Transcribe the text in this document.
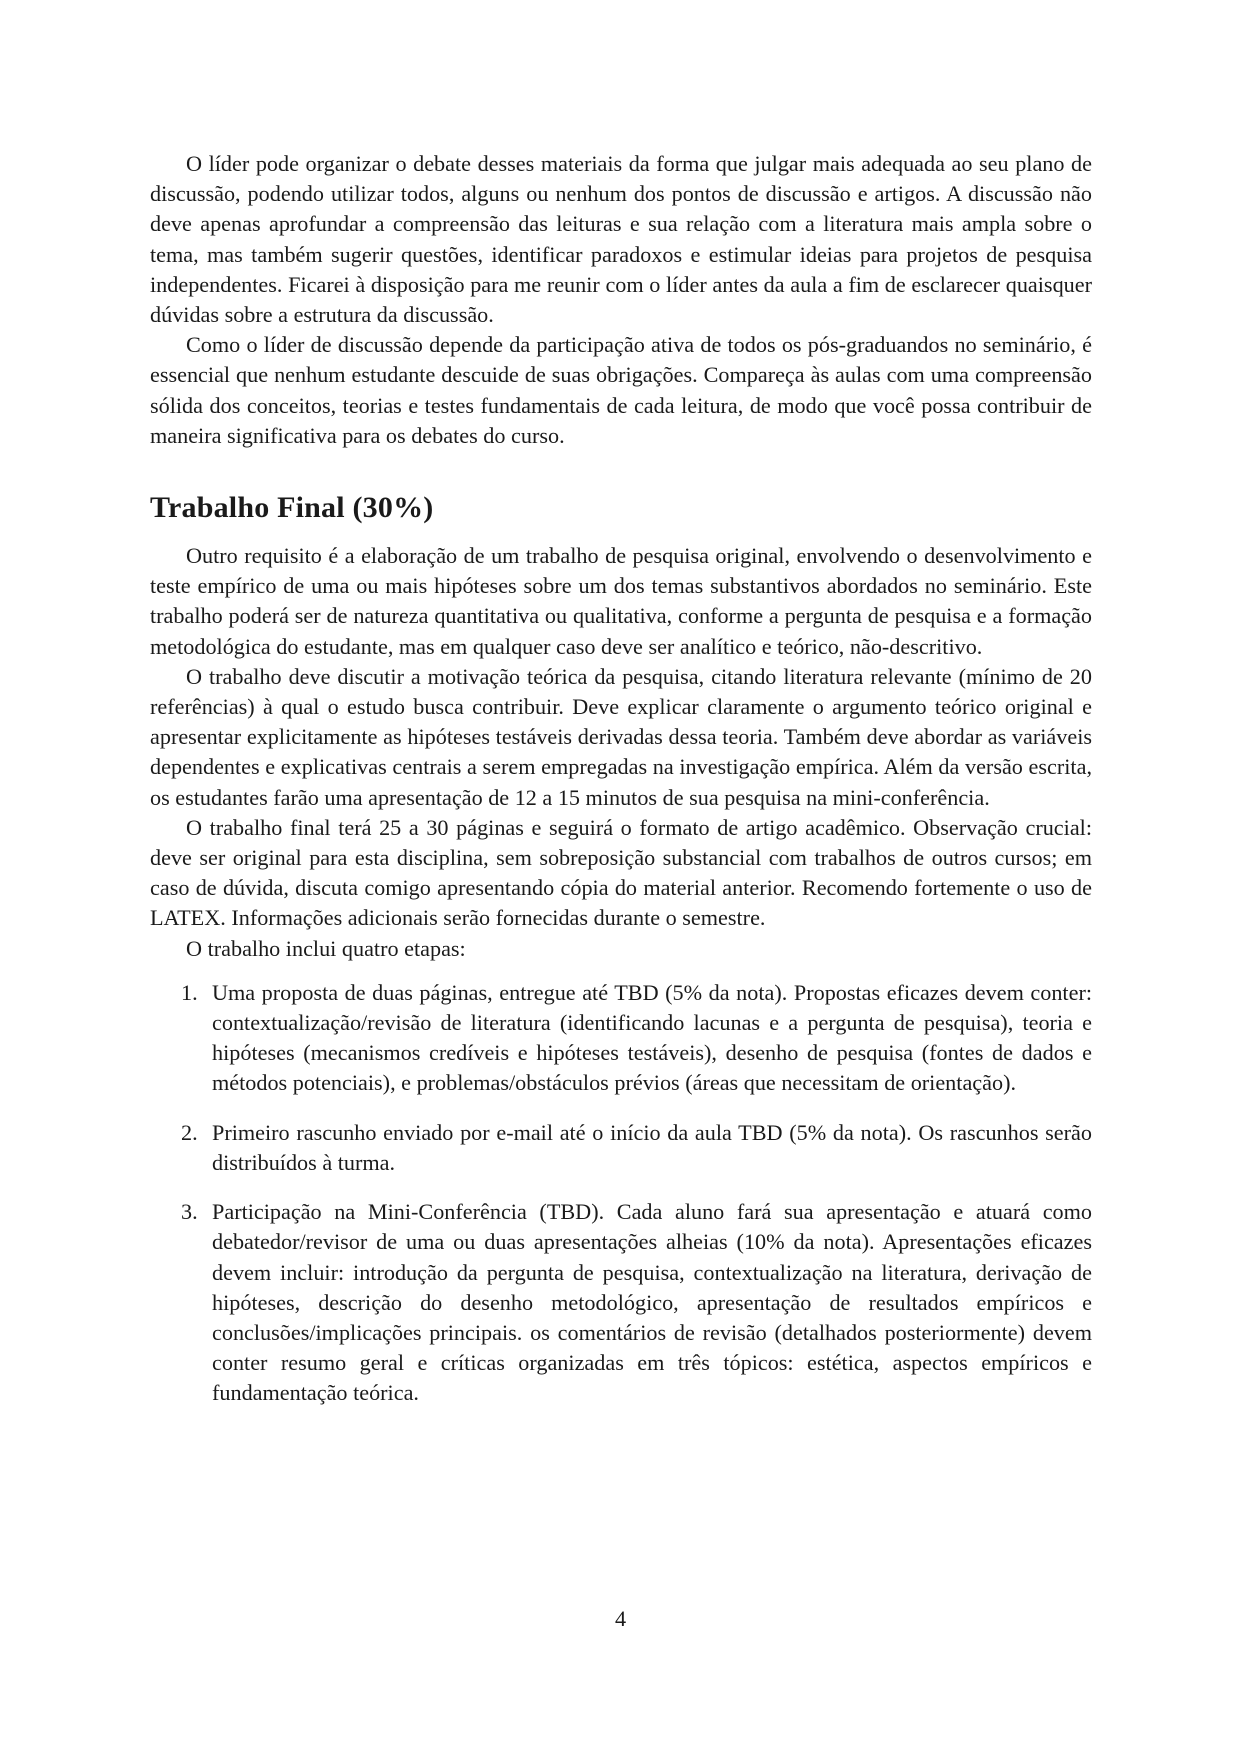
O líder pode organizar o debate desses materiais da forma que julgar mais adequada ao seu plano de discussão, podendo utilizar todos, alguns ou nenhum dos pontos de discussão e artigos. A discussão não deve apenas aprofundar a compreensão das leituras e sua relação com a literatura mais ampla sobre o tema, mas também sugerir questões, identificar paradoxos e estimular ideias para projetos de pesquisa independentes. Ficarei à disposição para me reunir com o líder antes da aula a fim de esclarecer quaisquer dúvidas sobre a estrutura da discussão.

Como o líder de discussão depende da participação ativa de todos os pós-graduandos no seminário, é essencial que nenhum estudante descuide de suas obrigações. Compareça às aulas com uma compreensão sólida dos conceitos, teorias e testes fundamentais de cada leitura, de modo que você possa contribuir de maneira significativa para os debates do curso.

Trabalho Final (30%)

Outro requisito é a elaboração de um trabalho de pesquisa original, envolvendo o desenvolvimento e teste empírico de uma ou mais hipóteses sobre um dos temas substantivos abordados no seminário. Este trabalho poderá ser de natureza quantitativa ou qualitativa, conforme a pergunta de pesquisa e a formação metodológica do estudante, mas em qualquer caso deve ser analítico e teórico, não-descritivo.

O trabalho deve discutir a motivação teórica da pesquisa, citando literatura relevante (mínimo de 20 referências) à qual o estudo busca contribuir. Deve explicar claramente o argumento teórico original e apresentar explicitamente as hipóteses testáveis derivadas dessa teoria. Também deve abordar as variáveis dependentes e explicativas centrais a serem empregadas na investigação empírica. Além da versão escrita, os estudantes farão uma apresentação de 12 a 15 minutos de sua pesquisa na mini-conferência.

O trabalho final terá 25 a 30 páginas e seguirá o formato de artigo acadêmico. Observação crucial: deve ser original para esta disciplina, sem sobreposição substancial com trabalhos de outros cursos; em caso de dúvida, discuta comigo apresentando cópia do material anterior. Recomendo fortemente o uso de LATEX. Informações adicionais serão fornecidas durante o semestre.

O trabalho inclui quatro etapas:

1. Uma proposta de duas páginas, entregue até TBD (5% da nota). Propostas eficazes devem conter: contextualização/revisão de literatura (identificando lacunas e a pergunta de pesquisa), teoria e hipóteses (mecanismos credíveis e hipóteses testáveis), desenho de pesquisa (fontes de dados e métodos potenciais), e problemas/obstáculos prévios (áreas que necessitam de orientação).
2. Primeiro rascunho enviado por e-mail até o início da aula TBD (5% da nota). Os rascunhos serão distribuídos à turma.
3. Participação na Mini-Conferência (TBD). Cada aluno fará sua apresentação e atuará como debatedor/revisor de uma ou duas apresentações alheias (10% da nota). Apresentações eficazes devem incluir: introdução da pergunta de pesquisa, contextualização na literatura, derivação de hipóteses, descrição do desenho metodológico, apresentação de resultados empíricos e conclusões/implicações principais. os comentários de revisão (detalhados posteriormente) devem conter resumo geral e críticas organizadas em três tópicos: estética, aspectos empíricos e fundamentação teórica.
4
